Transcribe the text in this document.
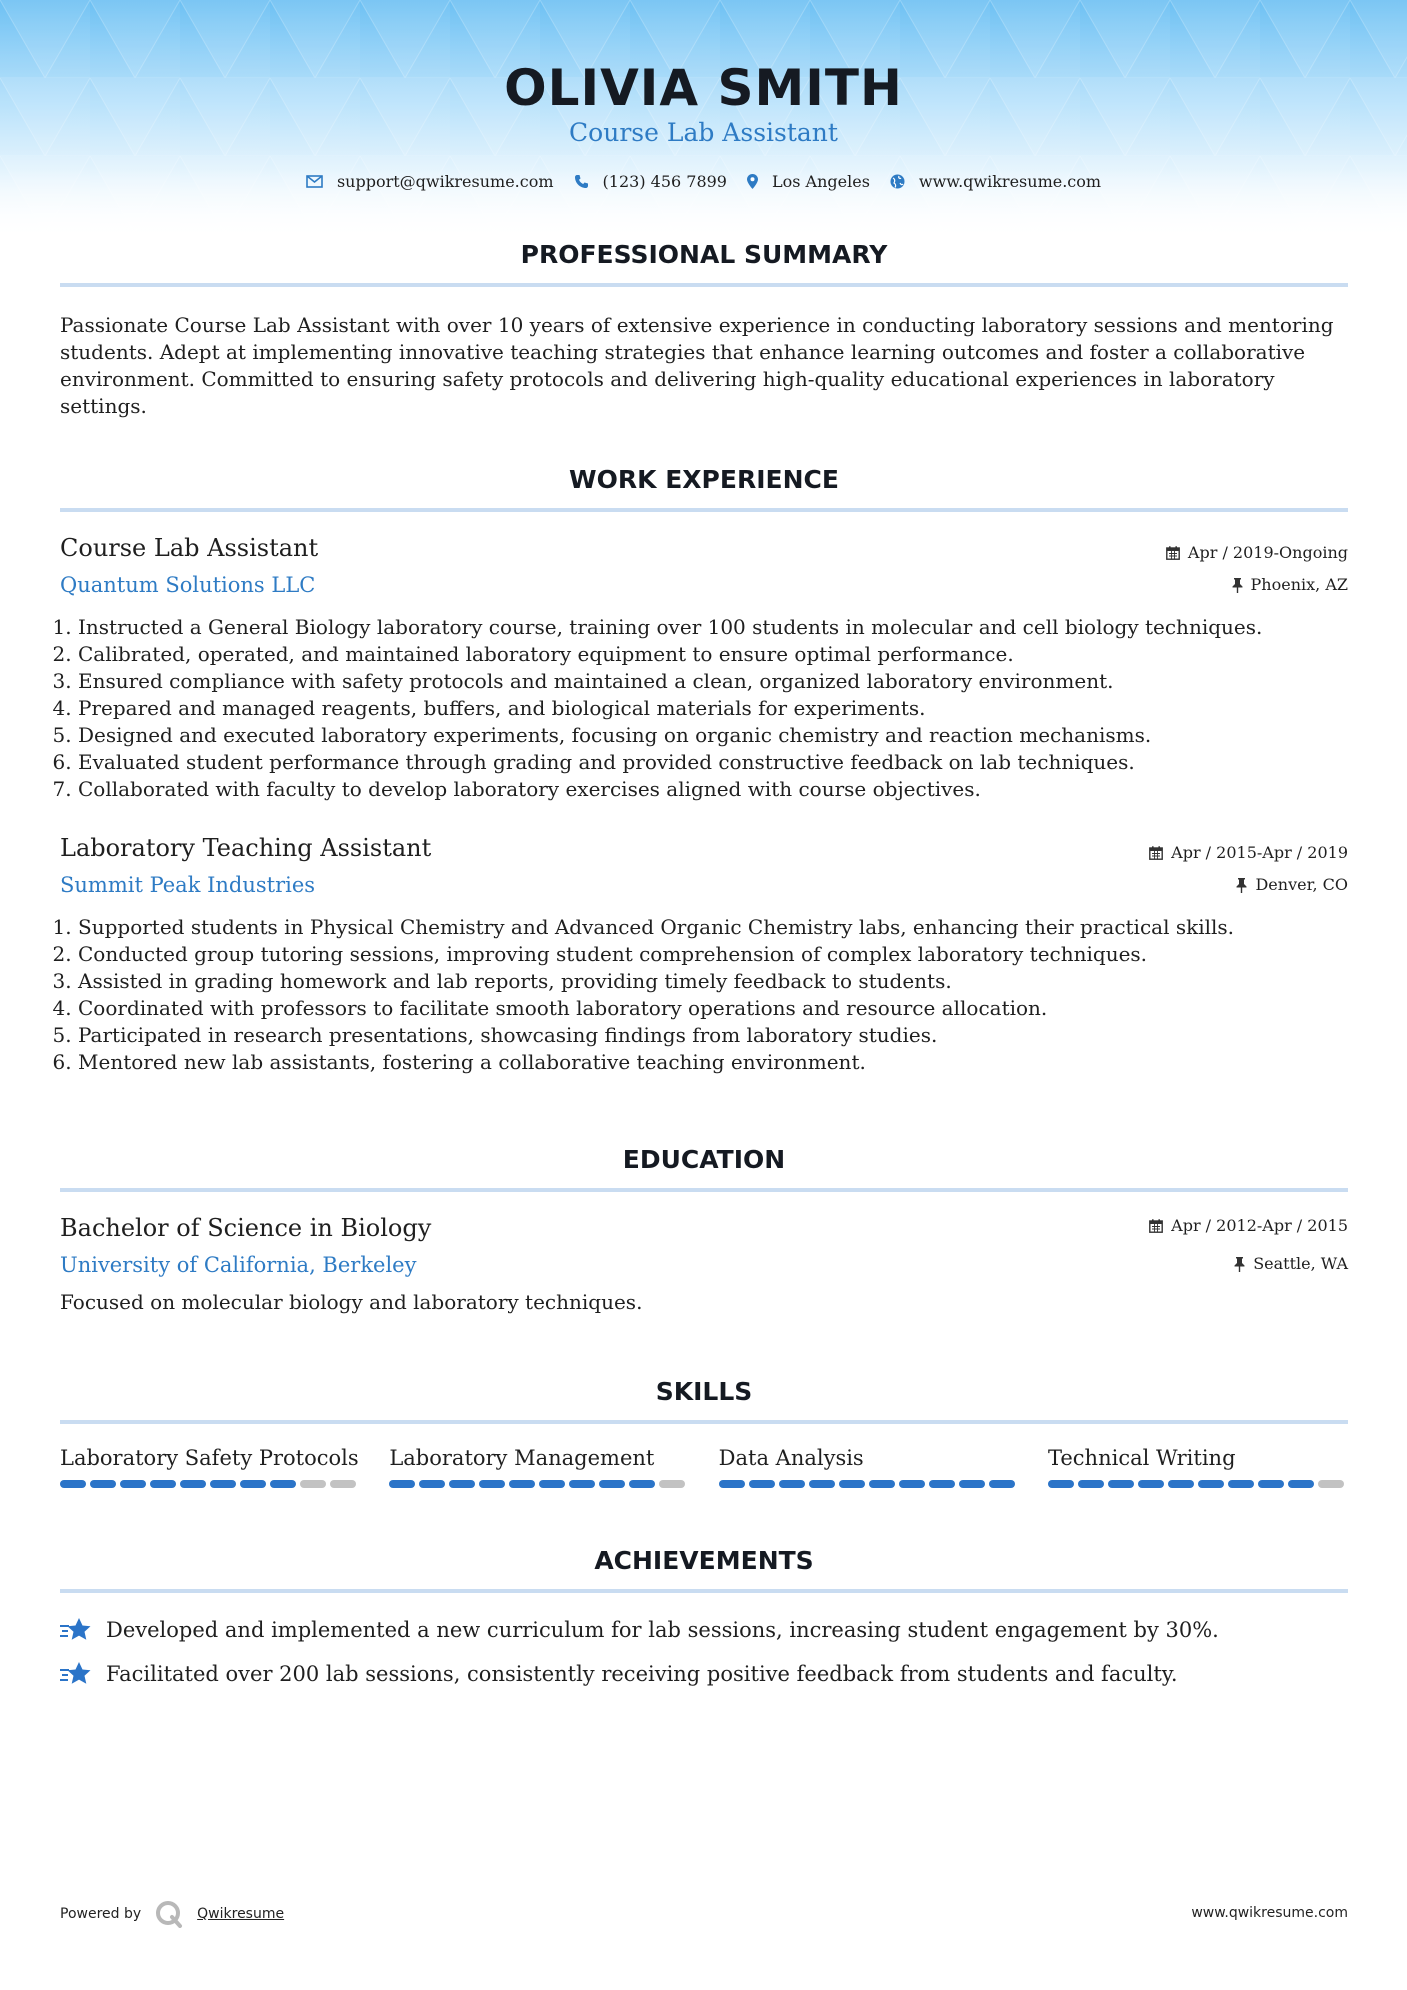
OLIVIA SMITH
Course Lab Assistant
support@qwikresume.com	(123) 456 7899	Los Angeles	www.qwikresume.com
PROFESSIONAL SUMMARY
Passionate Course Lab Assistant with over 10 years of extensive experience in conducting laboratory sessions and mentoring students. Adept at implementing innovative teaching strategies that enhance learning outcomes and foster a collaborative environment. Committed to ensuring safety protocols and delivering high-quality educational experiences in laboratory settings.
WORK EXPERIENCE
Course Lab Assistant
Quantum Solutions LLC
Apr / 2019-Ongoing
Phoenix, AZ
1. Instructed a General Biology laboratory course, training over 100 students in molecular and cell biology techniques.
2. Calibrated, operated, and maintained laboratory equipment to ensure optimal performance.
3. Ensured compliance with safety protocols and maintained a clean, organized laboratory environment.
4. Prepared and managed reagents, buffers, and biological materials for experiments.
5. Designed and executed laboratory experiments, focusing on organic chemistry and reaction mechanisms.
6. Evaluated student performance through grading and provided constructive feedback on lab techniques.
7. Collaborated with faculty to develop laboratory exercises aligned with course objectives.
Laboratory Teaching Assistant
Summit Peak Industries
Apr / 2015-Apr / 2019
Denver, CO
1. Supported students in Physical Chemistry and Advanced Organic Chemistry labs, enhancing their practical skills.
2. Conducted group tutoring sessions, improving student comprehension of complex laboratory techniques.
3. Assisted in grading homework and lab reports, providing timely feedback to students.
4. Coordinated with professors to facilitate smooth laboratory operations and resource allocation.
5. Participated in research presentations, showcasing findings from laboratory studies.
6. Mentored new lab assistants, fostering a collaborative teaching environment.
EDUCATION
Bachelor of Science in Biology
University of California, Berkeley
Apr / 2012-Apr / 2015
Seattle, WA
Focused on molecular biology and laboratory techniques.
SKILLS
Laboratory Safety Protocols Laboratory Management	Data Analysis	Technical Writing
ACHIEVEMENTS
Developed and implemented a new curriculum for lab sessions, increasing student engagement by 30%.
Facilitated over 200 lab sessions, consistently receiving positive feedback from students and faculty.
Powered by	Qwikresume	www.qwikresume.com
